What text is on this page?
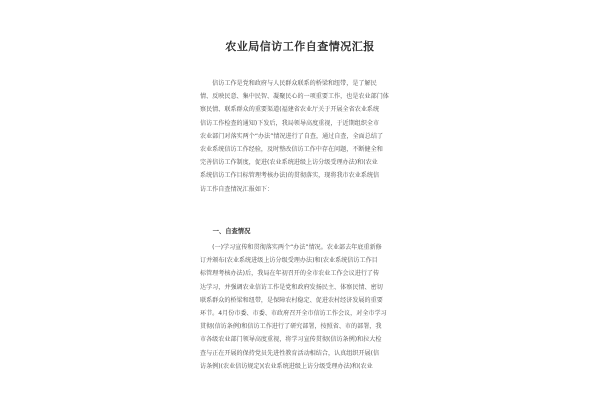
农业局信访工作自查情况汇报
　　信访工作是党和政府与人民群众联系的桥梁和纽带，是了解民
情、反映民意、集中民智、凝聚民心的一项重要工作，也是农业部门体
察民情、联系群众的重要渠道(福建省农业厅关于开展全省农业系统
信访工作检查的通知)下发后，我局领导高度重视，于近期组织全市
农业部门对落实两个“办法”情况进行了自查，通过自查，全面总结了
农业系统信访工作经验，及时整改信访工作中存在问题，不断健全和
完善信访工作制度，促进(农业系统进级上访分级受理办法)和(农业
系统信访工作目标管理考核办法)的贯彻落实，现将我市农业系统信
访工作自查情况汇报如下：
　　一、自查情况
　　(一)学习宣传和贯彻落实两个“办法”情况。农业部去年底重新修
订并颁布(农业系统进级上访分级受理办法)和(农业系统信访工作目
标管理考核办法)后，我局在年初召开的全市农业工作会议进行了传
达学习，并强调农业信访工作是党和政府发扬民主、体察民情、密切
联系群众的桥梁和纽带，是保障农村稳定、促进农村经济发展的重要
环节。4月份市委、市委、市政府召开全市信访工作会议，对全市学习
贯彻(信访条例)和信访工作进行了研究部署，按照省、市的部署，我
市各级农业部门领导高度重视，将学习宣传贯彻(信访条例)和拉大检
查与正在开展的保持党员先进性教育活动相结合，认真组织开展(信
访条例)(农业信访规定)(农业系统进级上访分级受理办法)和(农业
